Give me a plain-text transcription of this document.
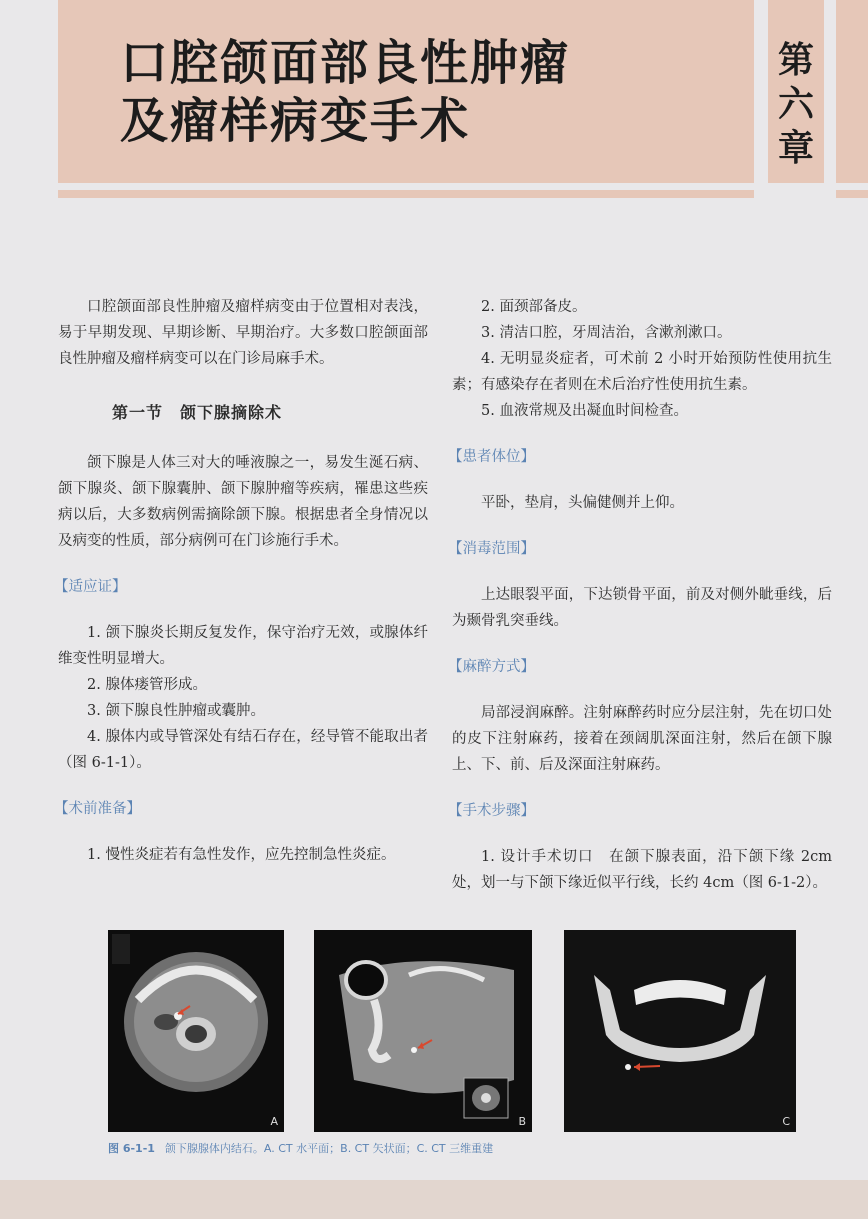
口腔颌面部良性肿瘤
及瘤样病变手术
第
六
章

口腔颌面部良性肿瘤及瘤样病变由于位置相对表浅，易于早期发现、早期诊断、早期治疗。大多数口腔颌面部良性肿瘤及瘤样病变可以在门诊局麻手术。

第一节　颌下腺摘除术

颌下腺是人体三对大的唾液腺之一，易发生涎石病、颌下腺炎、颌下腺囊肿、颌下腺肿瘤等疾病，罹患这些疾病以后，大多数病例需摘除颌下腺。根据患者全身情况以及病变的性质，部分病例可在门诊施行手术。

【适应证】

1. 颌下腺炎长期反复发作，保守治疗无效，或腺体纤维变性明显增大。

2. 腺体瘘管形成。

3. 颌下腺良性肿瘤或囊肿。

4. 腺体内或导管深处有结石存在，经导管不能取出者（图 6-1-1）。

【术前准备】

1. 慢性炎症若有急性发作，应先控制急性炎症。

2. 面颈部备皮。

3. 清洁口腔，牙周洁治，含漱剂漱口。

4. 无明显炎症者，可术前 2 小时开始预防性使用抗生素；有感染存在者则在术后治疗性使用抗生素。

5. 血液常规及出凝血时间检查。

【患者体位】

平卧，垫肩，头偏健侧并上仰。

【消毒范围】

上达眼裂平面，下达锁骨平面，前及对侧外眦垂线，后为颞骨乳突垂线。

【麻醉方式】

局部浸润麻醉。注射麻醉药时应分层注射，先在切口处的皮下注射麻药，接着在颈阔肌深面注射，然后在颌下腺上、下、前、后及深面注射麻药。

【手术步骤】

1. 设计手术切口　在颌下腺表面，沿下颌下缘 2cm 处，划一与下颌下缘近似平行线，长约 4cm（图 6-1-2）。

A	B	C
图 6-1-1 颌下腺腺体内结石。A. CT 水平面；B. CT 矢状面；C. CT 三维重建
